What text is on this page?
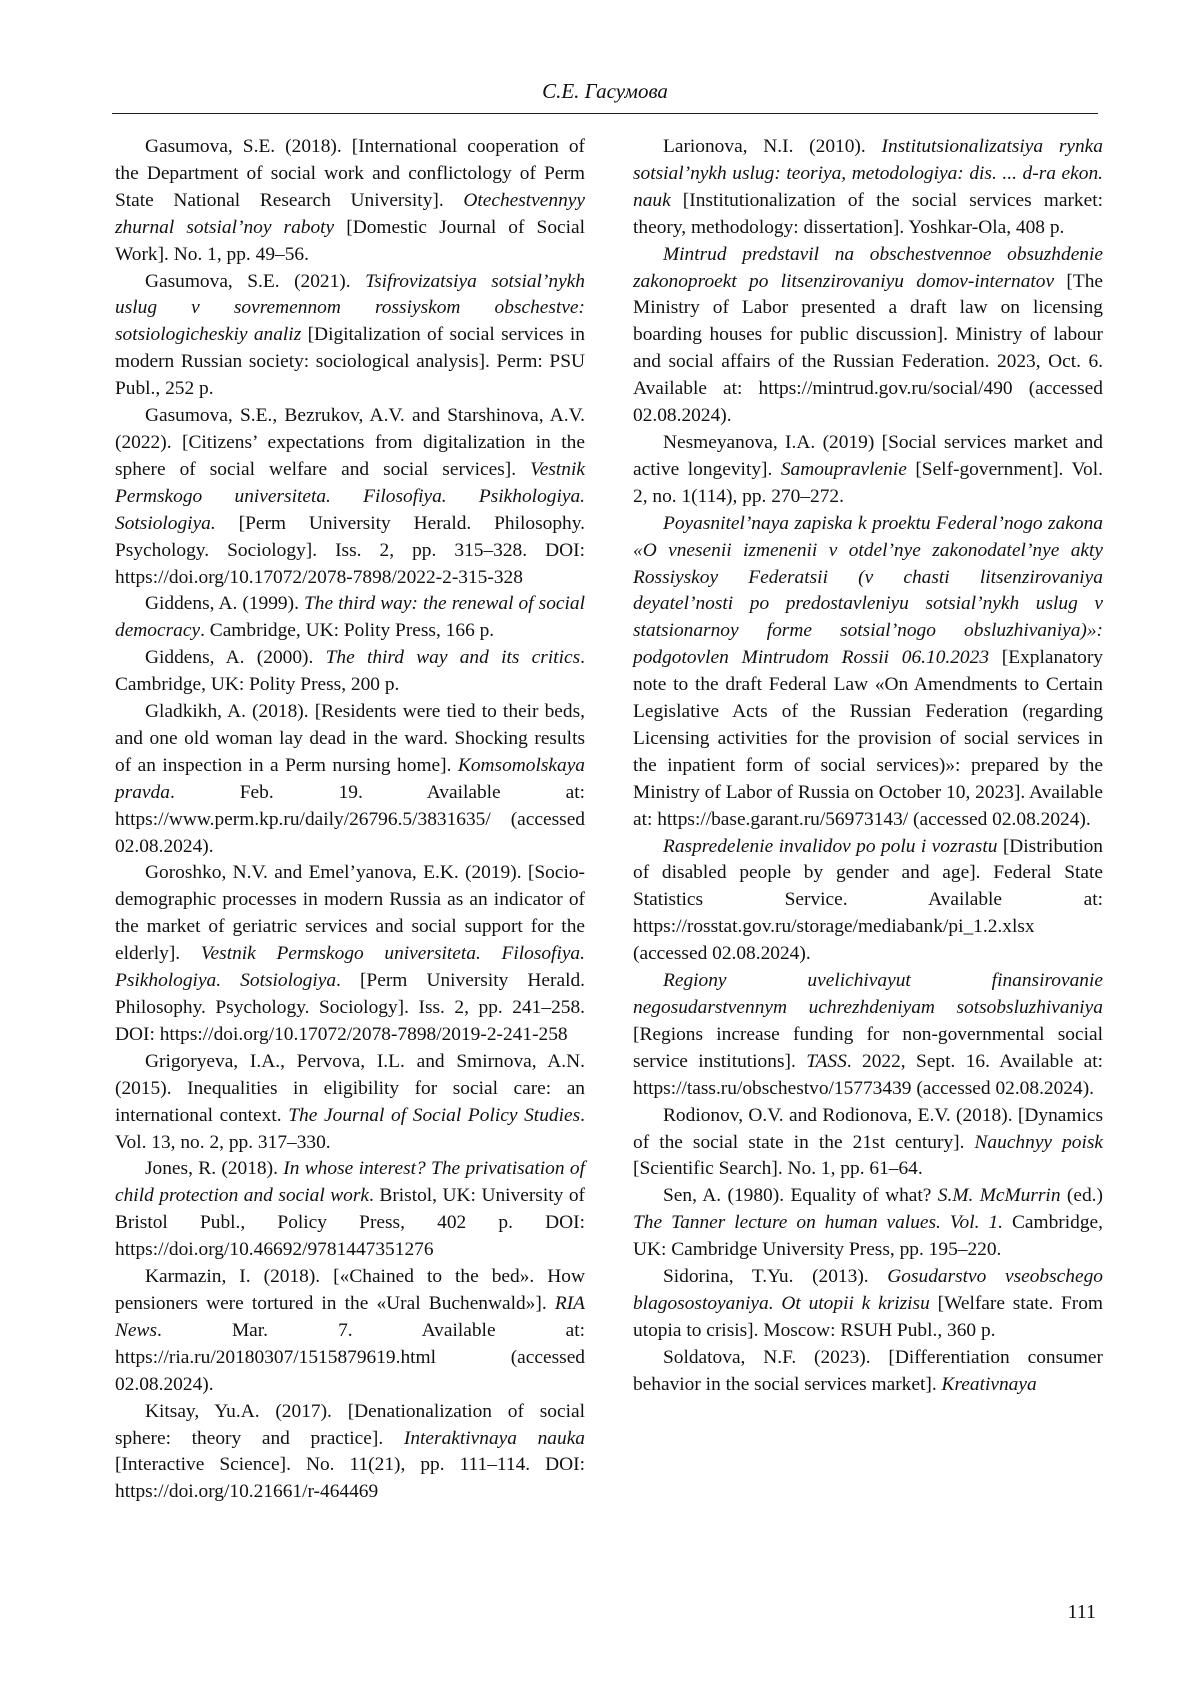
С.Е. Гасумова

Gasumova, S.E. (2018). [International cooperation of the Department of social work and conflictology of Perm State National Research University]. Otechestvennyy zhurnal sotsial’noy raboty [Domestic Journal of Social Work]. No. 1, pp. 49–56.

Gasumova, S.E. (2021). Tsifrovizatsiya sotsial’nykh uslug v sovremennom rossiyskom obschestve: sotsiologicheskiy analiz [Digitalization of social services in modern Russian society: sociological analysis]. Perm: PSU Publ., 252 p.

Gasumova, S.E., Bezrukov, A.V. and Starshinova, A.V. (2022). [Citizens’ expectations from digitalization in the sphere of social welfare and social services]. Vestnik Permskogo universiteta. Filosofiya. Psikhologiya. Sotsiologiya. [Perm University Herald. Philosophy. Psychology. Sociology]. Iss. 2, pp. 315–328. DOI: https://doi.org/10.17072/2078-7898/2022-2-315-328

Giddens, A. (1999). The third way: the renewal of social democracy. Cambridge, UK: Polity Press, 166 p.

Giddens, A. (2000). The third way and its critics. Cambridge, UK: Polity Press, 200 p.

Gladkikh, A. (2018). [Residents were tied to their beds, and one old woman lay dead in the ward. Shocking results of an inspection in a Perm nursing home]. Komsomolskaya pravda. Feb. 19. Available at: https://www.perm.kp.ru/daily/26796.5/3831635/ (accessed 02.08.2024).

Goroshko, N.V. and Emel’yanova, E.K. (2019). [Socio-demographic processes in modern Russia as an indicator of the market of geriatric services and social support for the elderly]. Vestnik Permskogo universiteta. Filosofiya. Psikhologiya. Sotsiologiya. [Perm University Herald. Philosophy. Psychology. Sociology]. Iss. 2, pp. 241–258. DOI: https://doi.org/10.17072/2078-7898/2019-2-241-258

Grigoryeva, I.A., Pervova, I.L. and Smirnova, A.N. (2015). Inequalities in eligibility for social care: an international context. The Journal of Social Policy Studies. Vol. 13, no. 2, pp. 317–330.

Jones, R. (2018). In whose interest? The privatisation of child protection and social work. Bristol, UK: University of Bristol Publ., Policy Press, 402 p. DOI: https://doi.org/10.46692/9781447351276

Karmazin, I. (2018). [«Chained to the bed». How pensioners were tortured in the «Ural Buchenwald»]. RIA News. Mar. 7. Available at: https://ria.ru/20180307/1515879619.html (accessed 02.08.2024).

Kitsay, Yu.A. (2017). [Denationalization of social sphere: theory and practice]. Interaktivnaya nauka [Interactive Science]. No. 11(21), pp. 111–114. DOI: https://doi.org/10.21661/r-464469

Larionova, N.I. (2010). Institutsionalizatsiya rynka sotsial’nykh uslug: teoriya, metodologiya: dis. ... d-ra ekon. nauk [Institutionalization of the social services market: theory, methodology: dissertation]. Yoshkar-Ola, 408 p.

Mintrud predstavil na obschestvennoe obsuzhdenie zakonoproekt po litsenzirovaniyu domov-internatov [The Ministry of Labor presented a draft law on licensing boarding houses for public discussion]. Ministry of labour and social affairs of the Russian Federation. 2023, Oct. 6. Available at: https://mintrud.gov.ru/social/490 (accessed 02.08.2024).

Nesmeyanova, I.A. (2019) [Social services market and active longevity]. Samoupravlenie [Self-government]. Vol. 2, no. 1(114), pp. 270–272.

Poyasnitel’naya zapiska k proektu Federal’nogo zakona «O vnesenii izmenenii v otdel’nye zakonodatel’nye akty Rossiyskoy Federatsii (v chasti litsenzirovaniya deyatel’nosti po predostavleniyu sotsial’nykh uslug v statsionarnoy forme sotsial’nogo obsluzhivaniya)»: podgotovlen Mintrudom Rossii 06.10.2023 [Explanatory note to the draft Federal Law «On Amendments to Certain Legislative Acts of the Russian Federation (regarding Licensing activities for the provision of social services in the inpatient form of social services)»: prepared by the Ministry of Labor of Russia on October 10, 2023]. Available at: https://base.garant.ru/56973143/ (accessed 02.08.2024).

Raspredelenie invalidov po polu i vozrastu [Distribution of disabled people by gender and age]. Federal State Statistics Service. Available at: https://rosstat.gov.ru/storage/mediabank/pi_1.2.xlsx (accessed 02.08.2024).

Regiony uvelichivayut finansirovanie negosudarstvennym uchrezhdeniyam sotsobsluzhivaniya [Regions increase funding for non-governmental social service institutions]. TASS. 2022, Sept. 16. Available at: https://tass.ru/obschestvo/15773439 (accessed 02.08.2024).

Rodionov, O.V. and Rodionova, E.V. (2018). [Dynamics of the social state in the 21st century]. Nauchnyy poisk [Scientific Search]. No. 1, pp. 61–64.

Sen, A. (1980). Equality of what? S.M. McMurrin (ed.) The Tanner lecture on human values. Vol. 1. Cambridge, UK: Cambridge University Press, pp. 195–220.

Sidorina, T.Yu. (2013). Gosudarstvo vseobschego blagosostoyaniya. Ot utopii k krizisu [Welfare state. From utopia to crisis]. Moscow: RSUH Publ., 360 p.

Soldatova, N.F. (2023). [Differentiation consumer behavior in the social services market]. Kreativnaya

111
